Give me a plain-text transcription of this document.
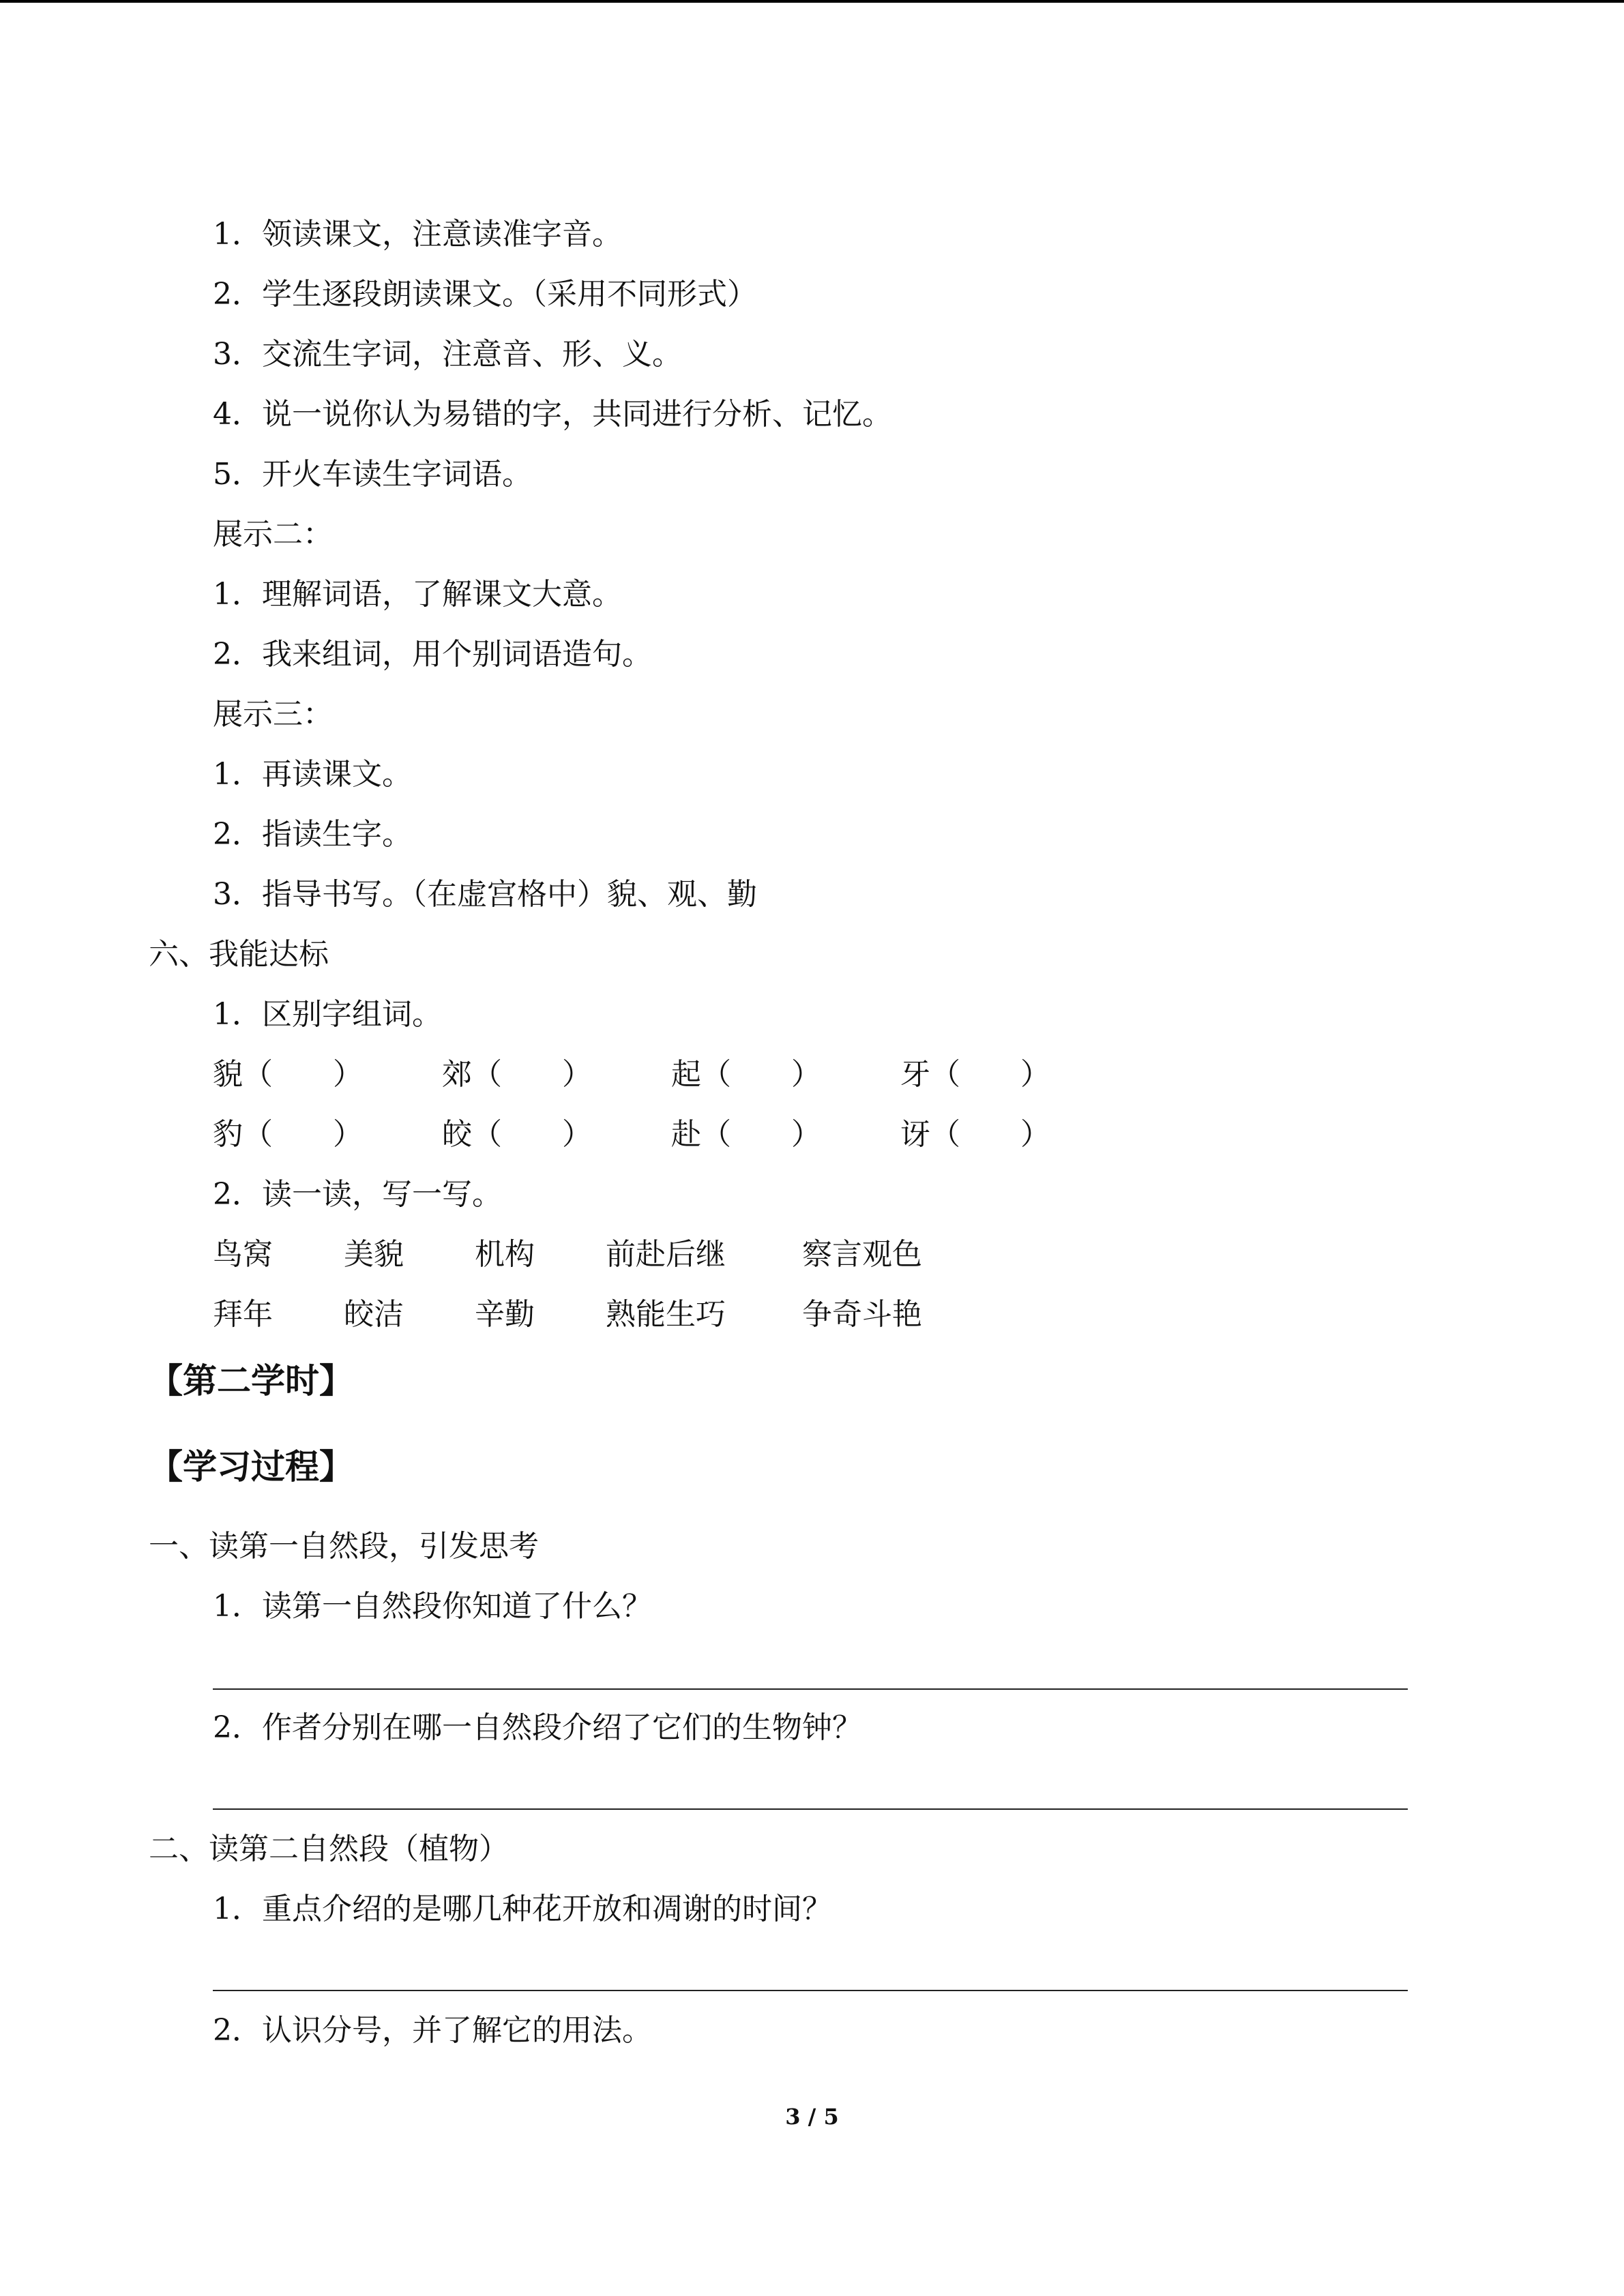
1．领读课文，注意读准字音。
2．学生逐段朗读课文。（采用不同形式）
3．交流生字词，注意音、形、义。
4．说一说你认为易错的字，共同进行分析、记忆。
5．开火车读生字词语。
展示二：
1．理解词语，了解课文大意。
2．我来组词，用个别词语造句。
展示三：
1．再读课文。
2．指读生字。
3．指导书写。（在虚宫格中）貌、观、勤
六、我能达标
1．区别字组词。
貌（　　）	郊（　　）	起（　　）	牙（　　）
豹（　　）	皎（　　）	赴（　　）	讶（　　）
2．读一读，写一写。
鸟窝 美貌 机构 前赴后继	察言观色
拜年 皎洁 辛勤 熟能生巧	争奇斗艳
【第二学时】
【学习过程】
一、读第一自然段，引发思考
1．读第一自然段你知道了什么？
2．作者分别在哪一自然段介绍了它们的生物钟？
二、读第二自然段（植物）
1．重点介绍的是哪几种花开放和凋谢的时间？
2．认识分号，并了解它的用法。
3 / 5
